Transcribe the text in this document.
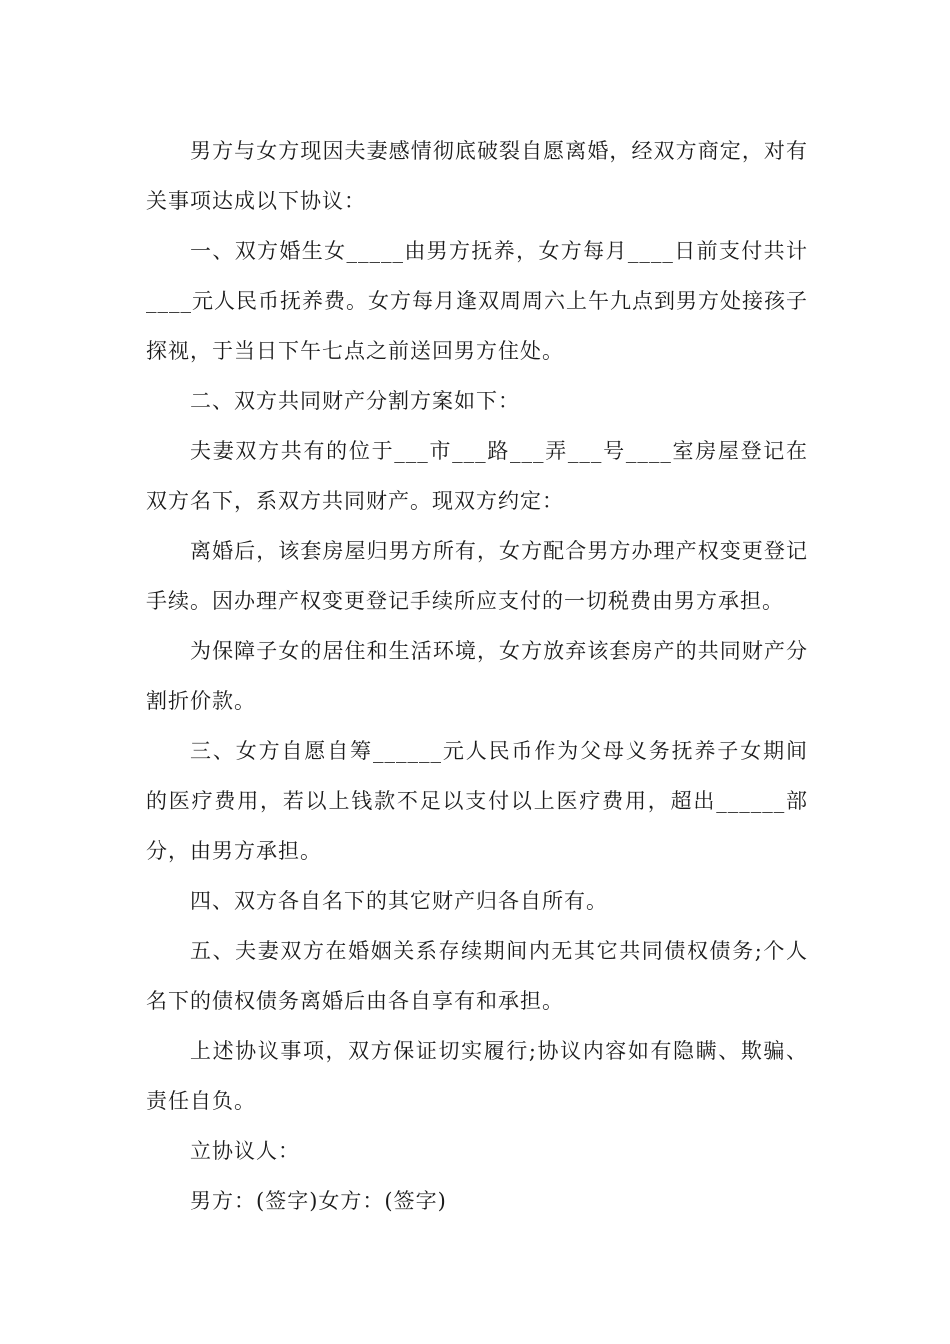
男方与女方现因夫妻感情彻底破裂自愿离婚，经双方商定，对有关事项达成以下协议：

一、双方婚生女_____由男方抚养，女方每月____日前支付共计____元人民币抚养费。女方每月逢双周周六上午九点到男方处接孩子探视，于当日下午七点之前送回男方住处。

二、双方共同财产分割方案如下：

夫妻双方共有的位于___市___路___弄___号____室房屋登记在双方名下，系双方共同财产。现双方约定：

离婚后，该套房屋归男方所有，女方配合男方办理产权变更登记手续。因办理产权变更登记手续所应支付的一切税费由男方承担。

为保障子女的居住和生活环境，女方放弃该套房产的共同财产分割折价款。

三、女方自愿自筹______元人民币作为父母义务抚养子女期间的医疗费用，若以上钱款不足以支付以上医疗费用，超出______部分，由男方承担。

四、双方各自名下的其它财产归各自所有。

五、夫妻双方在婚姻关系存续期间内无其它共同债权债务;个人名下的债权债务离婚后由各自享有和承担。

上述协议事项，双方保证切实履行;协议内容如有隐瞒、欺骗、责任自负。

立协议人：

男方：(签字)女方：(签字)
